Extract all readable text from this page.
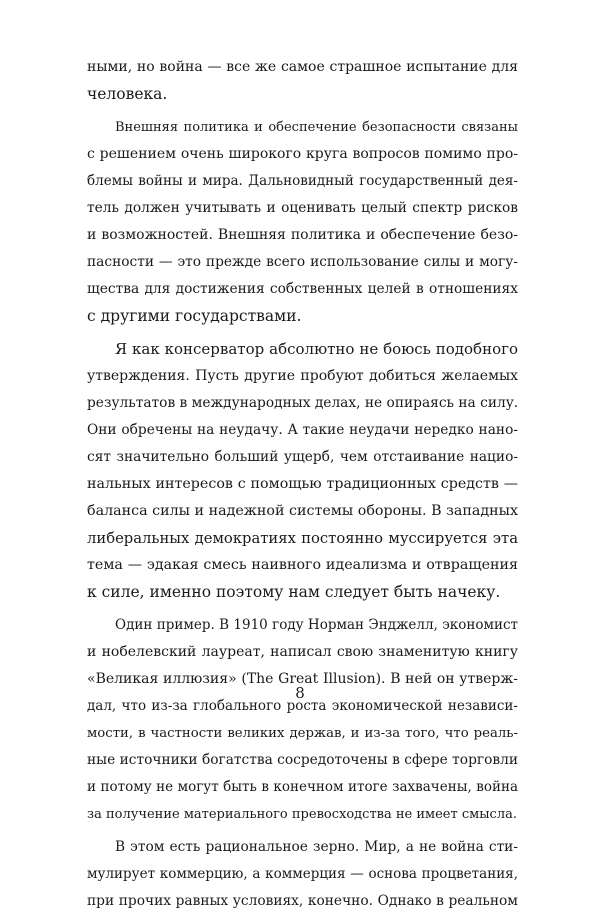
ными, но война — все же самое страшное испытание для
человека.
Внешняя политика и обеспечение безопасности связаны
с решением очень широкого круга вопросов помимо про-
блемы войны и мира. Дальновидный государственный дея-
тель должен учитывать и оценивать целый спектр рисков
и возможностей. Внешняя политика и обеспечение безо-
пасности — это прежде всего использование силы и могу-
щества для достижения собственных целей в отношениях
с другими государствами.
Я как консерватор абсолютно не боюсь подобного
утверждения. Пусть другие пробуют добиться желаемых
результатов в международных делах, не опираясь на силу.
Они обречены на неудачу. А такие неудачи нередко нано-
сят значительно больший ущерб, чем отстаивание нацио-
нальных интересов с помощью традиционных средств —
баланса силы и надежной системы обороны. В западных
либеральных демократиях постоянно муссируется эта
тема — эдакая смесь наивного идеализма и отвращения
к силе, именно поэтому нам следует быть начеку.
Один пример. В 1910 году Норман Энджелл, экономист
и нобелевский лауреат, написал свою знаменитую книгу
«Великая иллюзия» (The Great Illusion). В ней он утверж-
дал, что из-за глобального роста экономической независи-
мости, в частности великих держав, и из-за того, что реаль-
ные источники богатства сосредоточены в сфере торговли
и потому не могут быть в конечном итоге захвачены, война
за получение материального превосходства не имеет смысла.
В этом есть рациональное зерно. Мир, а не война сти-
мулирует коммерцию, а коммерция — основа процветания,
при прочих равных условиях, конечно. Однако в реальном
8
